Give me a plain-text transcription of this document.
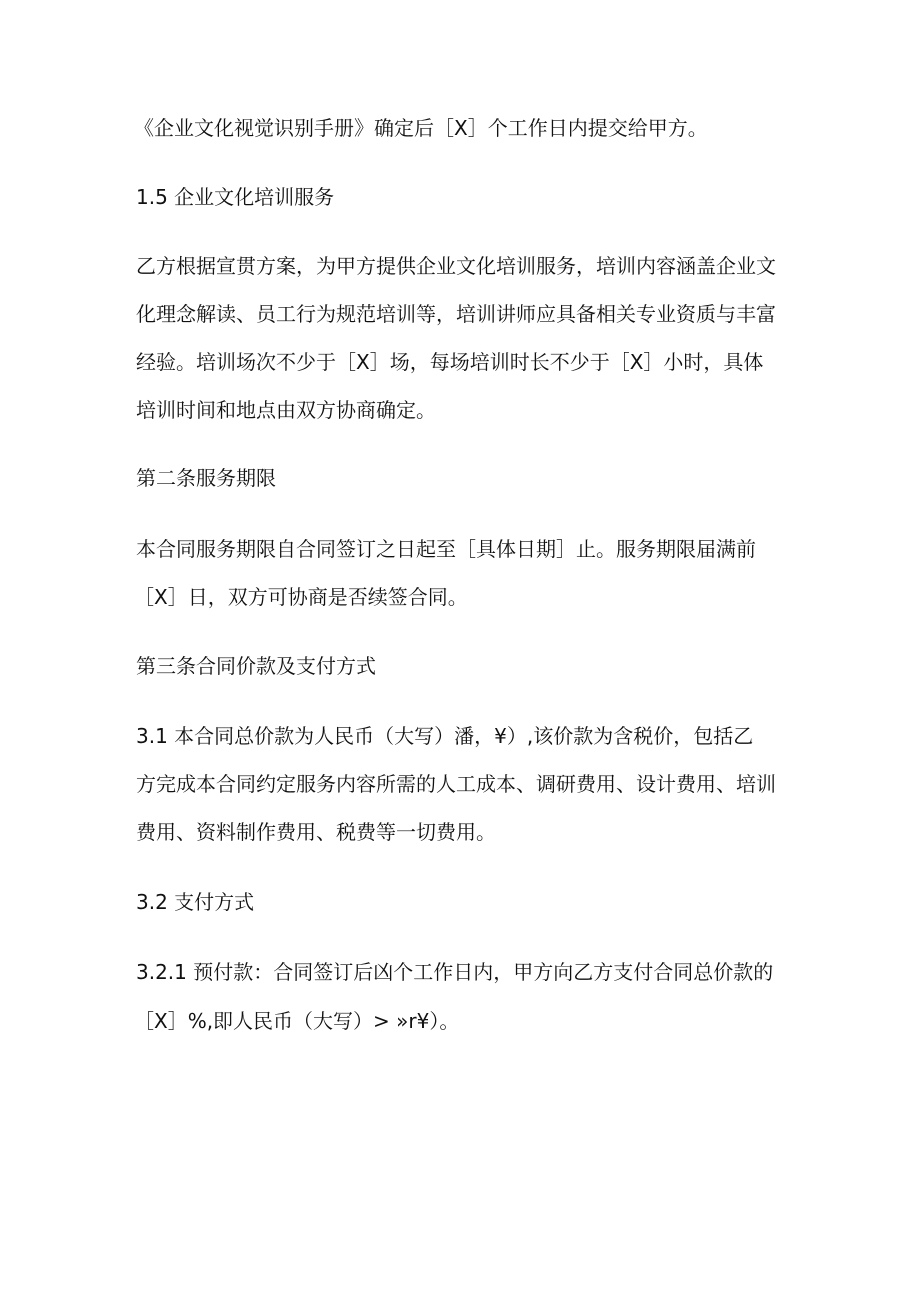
《企业文化视觉识别手册》确定后［X］个工作日内提交给甲方。
1.5 企业文化培训服务
乙方根据宣贯方案，为甲方提供企业文化培训服务，培训内容涵盖企业文
化理念解读、员工行为规范培训等，培训讲师应具备相关专业资质与丰富
经验。培训场次不少于［X］场，每场培训时长不少于［X］小时，具体
培训时间和地点由双方协商确定。
第二条服务期限
本合同服务期限自合同签订之日起至［具体日期］止。服务期限届满前
［X］日，双方可协商是否续签合同。
第三条合同价款及支付方式
3.1 本合同总价款为人民币（大写）潘，¥）,该价款为含税价，包括乙
方完成本合同约定服务内容所需的人工成本、调研费用、设计费用、培训
费用、资料制作费用、税费等一切费用。
3.2 支付方式
3.2.1 预付款：合同签订后凶个工作日内，甲方向乙方支付合同总价款的
［X］%,即人民币（大写）> »r¥）。
